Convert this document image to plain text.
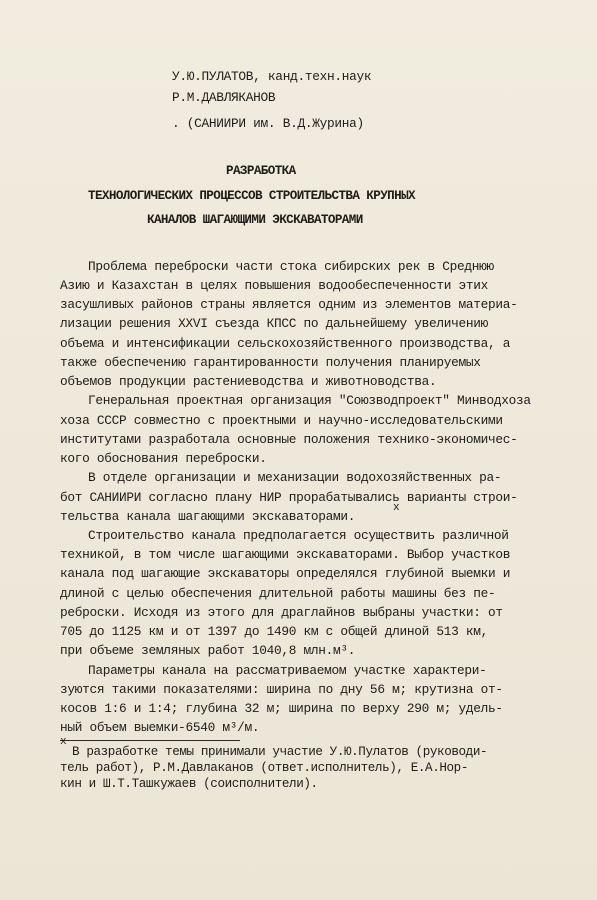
У.Ю.ПУЛАТОВ, канд.техн.наук
Р.М.ДАВЛЯКАНОВ
. (САНИИРИ им. В.Д.Журина)
РАЗРАБОТКА
ТЕХНОЛОГИЧЕСКИХ ПРОЦЕССОВ СТРОИТЕЛЬСТВА КРУПНЫХ
КАНАЛОВ ШАГАЮЩИМИ ЭКСКАВАТОРАМИ
Проблема переброски части стока сибирских рек в Среднюю
Азию и Казахстан в целях повышения водообеспеченности этих
засушливых районов страны является одним из элементов материа-
лизации решения XXVI съезда КПСС по дальнейшему увеличению
объема и интенсификации сельскохозяйственного производства, а
также обеспечению гарантированности получения планируемых
объемов продукции растениеводства и животноводства.
Генеральная проектная организация "Союзводпроект" Минводхоза
хоза СССР совместно с проектными и научно-исследовательскими
институтами разработала основные положения технико-экономичес-
кого обоснования переброски.
В отделе организации и механизации водохозяйственных ра-
бот САНИИРИ согласно плану НИР прорабатывались варианты строи-
тельства канала шагающими экскаваторами.
x
Строительство канала предполагается осуществить различной
техникой, в том числе шагающими экскаваторами. Выбор участков
канала под шагающие экскаваторы определялся глубиной выемки и
длиной с целью обеспечения длительной работы машины без пе-
реброски. Исходя из этого для драглайнов выбраны участки: от
705 до 1125 км и от 1397 до 1490 км с общей длиной 513 км,
при объеме земляных работ 1040,8 млн.м³.
Параметры канала на рассматриваемом участке характери-
зуются такими показателями: ширина по дну 56 м; крутизна от-
косов 1:6 и 1:4; глубина 32 м; ширина по верху 290 м; удель-
ный объем выемки-6540 м³/м.
x
В разработке темы принимали участие У.Ю.Пулатов (руководи-
тель работ), Р.М.Давлаканов (ответ.исполнитель), Е.А.Нор-
кин и Ш.Т.Ташкужаев (соисполнители).
